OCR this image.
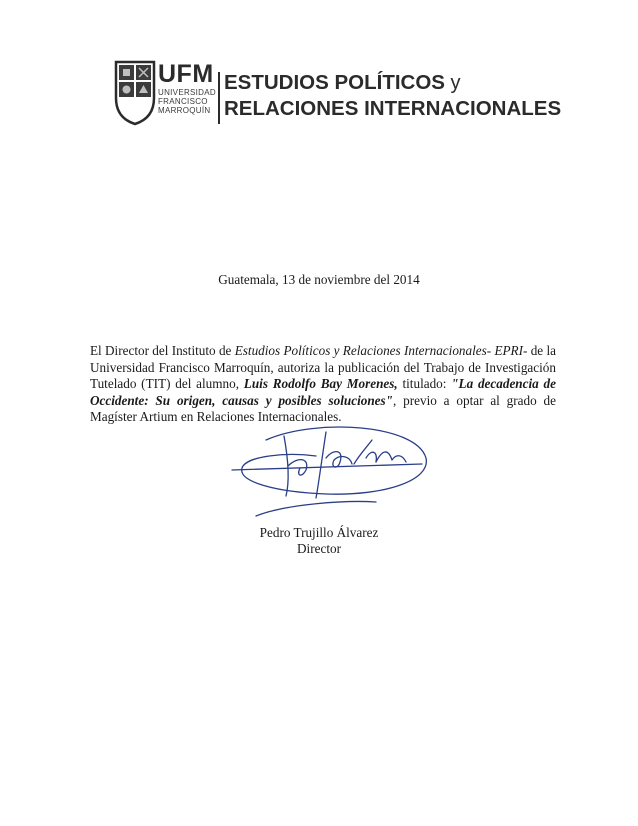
UFM
UNIVERSIDAD
FRANCISCO
MARROQUÍN
ESTUDIOS POLÍTICOS y
RELACIONES INTERNACIONALES
Guatemala, 13 de noviembre del 2014
El Director del Instituto de Estudios Políticos y Relaciones Internacionales- EPRI- de la Universidad Francisco Marroquín, autoriza la publicación del Trabajo de Investigación Tutelado (TIT) del alumno, Luis Rodolfo Bay Morenes, titulado: "La decadencia de Occidente: Su origen, causas y posibles soluciones", previo a optar al grado de Magíster Artium en Relaciones Internacionales.
Pedro Trujillo Álvarez
Director
